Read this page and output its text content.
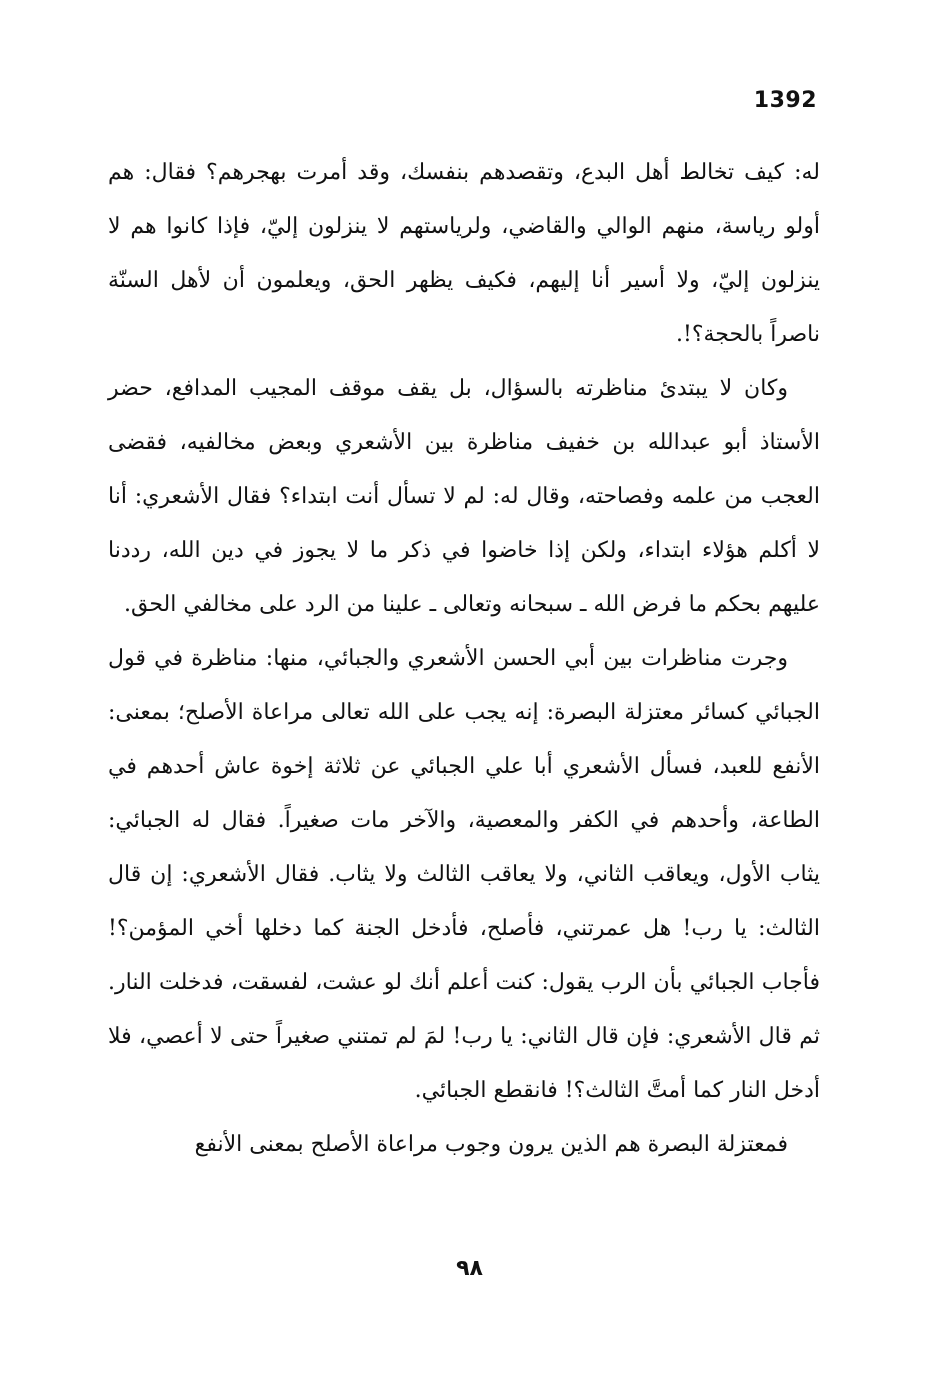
1392

له: كيف تخالط أهل البدع، وتقصدهم بنفسك، وقد أمرت بهجرهم؟ فقال: هم أولو رياسة، منهم الوالي والقاضي، ولرياستهم لا ينزلون إليّ، فإذا كانوا هم لا ينزلون إليّ، ولا أسير أنا إليهم، فكيف يظهر الحق، ويعلمون أن لأهل السنّة ناصراً بالحجة؟!.

وكان لا يبتدئ مناظرته بالسؤال، بل يقف موقف المجيب المدافع، حضر الأستاذ أبو عبدالله بن خفيف مناظرة بين الأشعري وبعض مخالفيه، فقضى العجب من علمه وفصاحته، وقال له: لم لا تسأل أنت ابتداء؟ فقال الأشعري: أنا لا أكلم هؤلاء ابتداء، ولكن إذا خاضوا في ذكر ما لا يجوز في دين الله، رددنا عليهم بحكم ما فرض الله ـ سبحانه وتعالى ـ علينا من الرد على مخالفي الحق.

وجرت مناظرات بين أبي الحسن الأشعري والجبائي، منها: مناظرة في قول الجبائي كسائر معتزلة البصرة: إنه يجب على الله تعالى مراعاة الأصلح؛ بمعنى: الأنفع للعبد، فسأل الأشعري أبا علي الجبائي عن ثلاثة إخوة عاش أحدهم في الطاعة، وأحدهم في الكفر والمعصية، والآخر مات صغيراً. فقال له الجبائي: يثاب الأول، ويعاقب الثاني، ولا يعاقب الثالث ولا يثاب. فقال الأشعري: إن قال الثالث: يا رب! هل عمرتني، فأصلح، فأدخل الجنة كما دخلها أخي المؤمن؟! فأجاب الجبائي بأن الرب يقول: كنت أعلم أنك لو عشت، لفسقت، فدخلت النار. ثم قال الأشعري: فإن قال الثاني: يا رب! لمَ لم تمتني صغيراً حتى لا أعصي، فلا أدخل النار كما أمتَّ الثالث؟! فانقطع الجبائي.

فمعتزلة البصرة هم الذين يرون وجوب مراعاة الأصلح بمعنى الأنفع

٩٨
